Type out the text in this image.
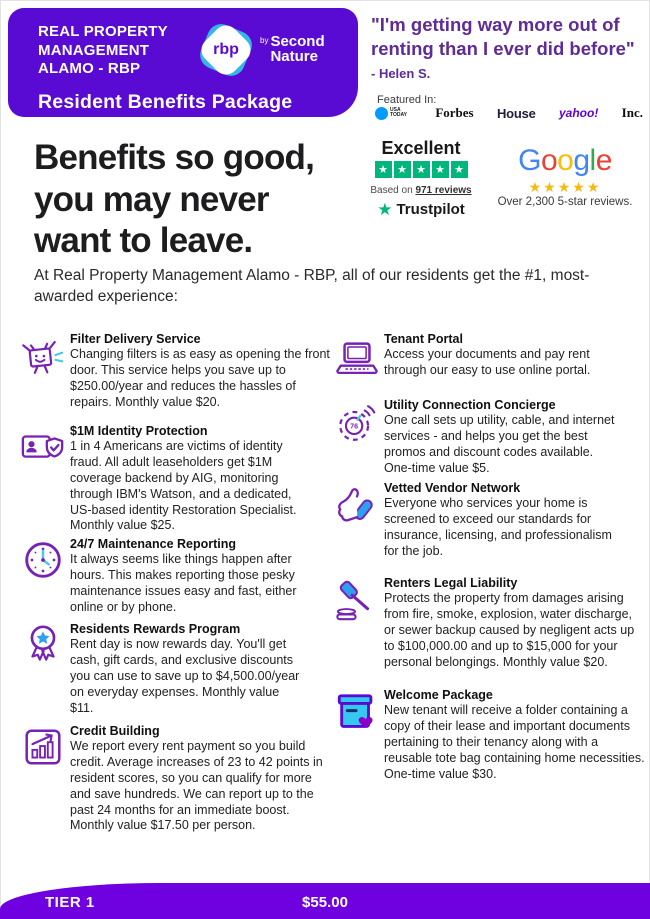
REAL PROPERTY MANAGEMENT ALAMO - RBP
rbp
by Second
Nature
Resident Benefits Package
"I'm getting way more out of
renting than I ever did before"
- Helen S.
Featured In:
USA TODAY	Forbes House yahoo! Inc.
Excellent
★ ★ ★ ★ ★
Based on 971 reviews
★ Trustpilot
Google
★★★★★
Over 2,300 5-star reviews.
Benefits so good,
you may never
want to leave.
At Real Property Management Alamo - RBP, all of our residents get the #1, most-awarded experience:
Filter Delivery Service
Changing filters is as easy as opening the front door. This service helps you save up to $250.00/year and reduces the hassles of repairs. Monthly value $20.
$1M Identity Protection
1 in 4 Americans are victims of identity fraud. All adult leaseholders get $1M coverage backend by AIG, monitoring through IBM's Watson, and a dedicated, US-based identity Restoration Specialist. Monthly value $25.
24/7 Maintenance Reporting
It always seems like things happen after hours. This makes reporting those pesky maintenance issues easy and fast, either online or by phone.
Residents Rewards Program
Rent day is now rewards day. You'll get cash, gift cards, and exclusive discounts you can use to save up to $4,500.00/year on everyday expenses. Monthly value $11.
Credit Building
We report every rent payment so you build credit. Average increases of 23 to 42 points in resident scores, so you can qualify for more and save hundreds. We can report up to the past 24 months for an immediate boost. Monthly value $17.50 per person.
Tenant Portal
Access your documents and pay rent through our easy to use online portal.
76
Utility Connection Concierge
One call sets up utility, cable, and internet services - and helps you get the best promos and discount codes available. One-time value $5.
Vetted Vendor Network
Everyone who services your home is screened to exceed our standards for insurance, licensing, and professionalism for the job.
Renters Legal Liability
Protects the property from damages arising from fire, smoke, explosion, water discharge, or sewer backup caused by negligent acts up to $100,000.00 and up to $15,000 for your personal belongings. Monthly value $20.
Welcome Package
New tenant will receive a folder containing a copy of their lease and important documents pertaining to their tenancy along with a reusable tote bag containing home necessities. One-time value $30.
TIER 1	$55.00
